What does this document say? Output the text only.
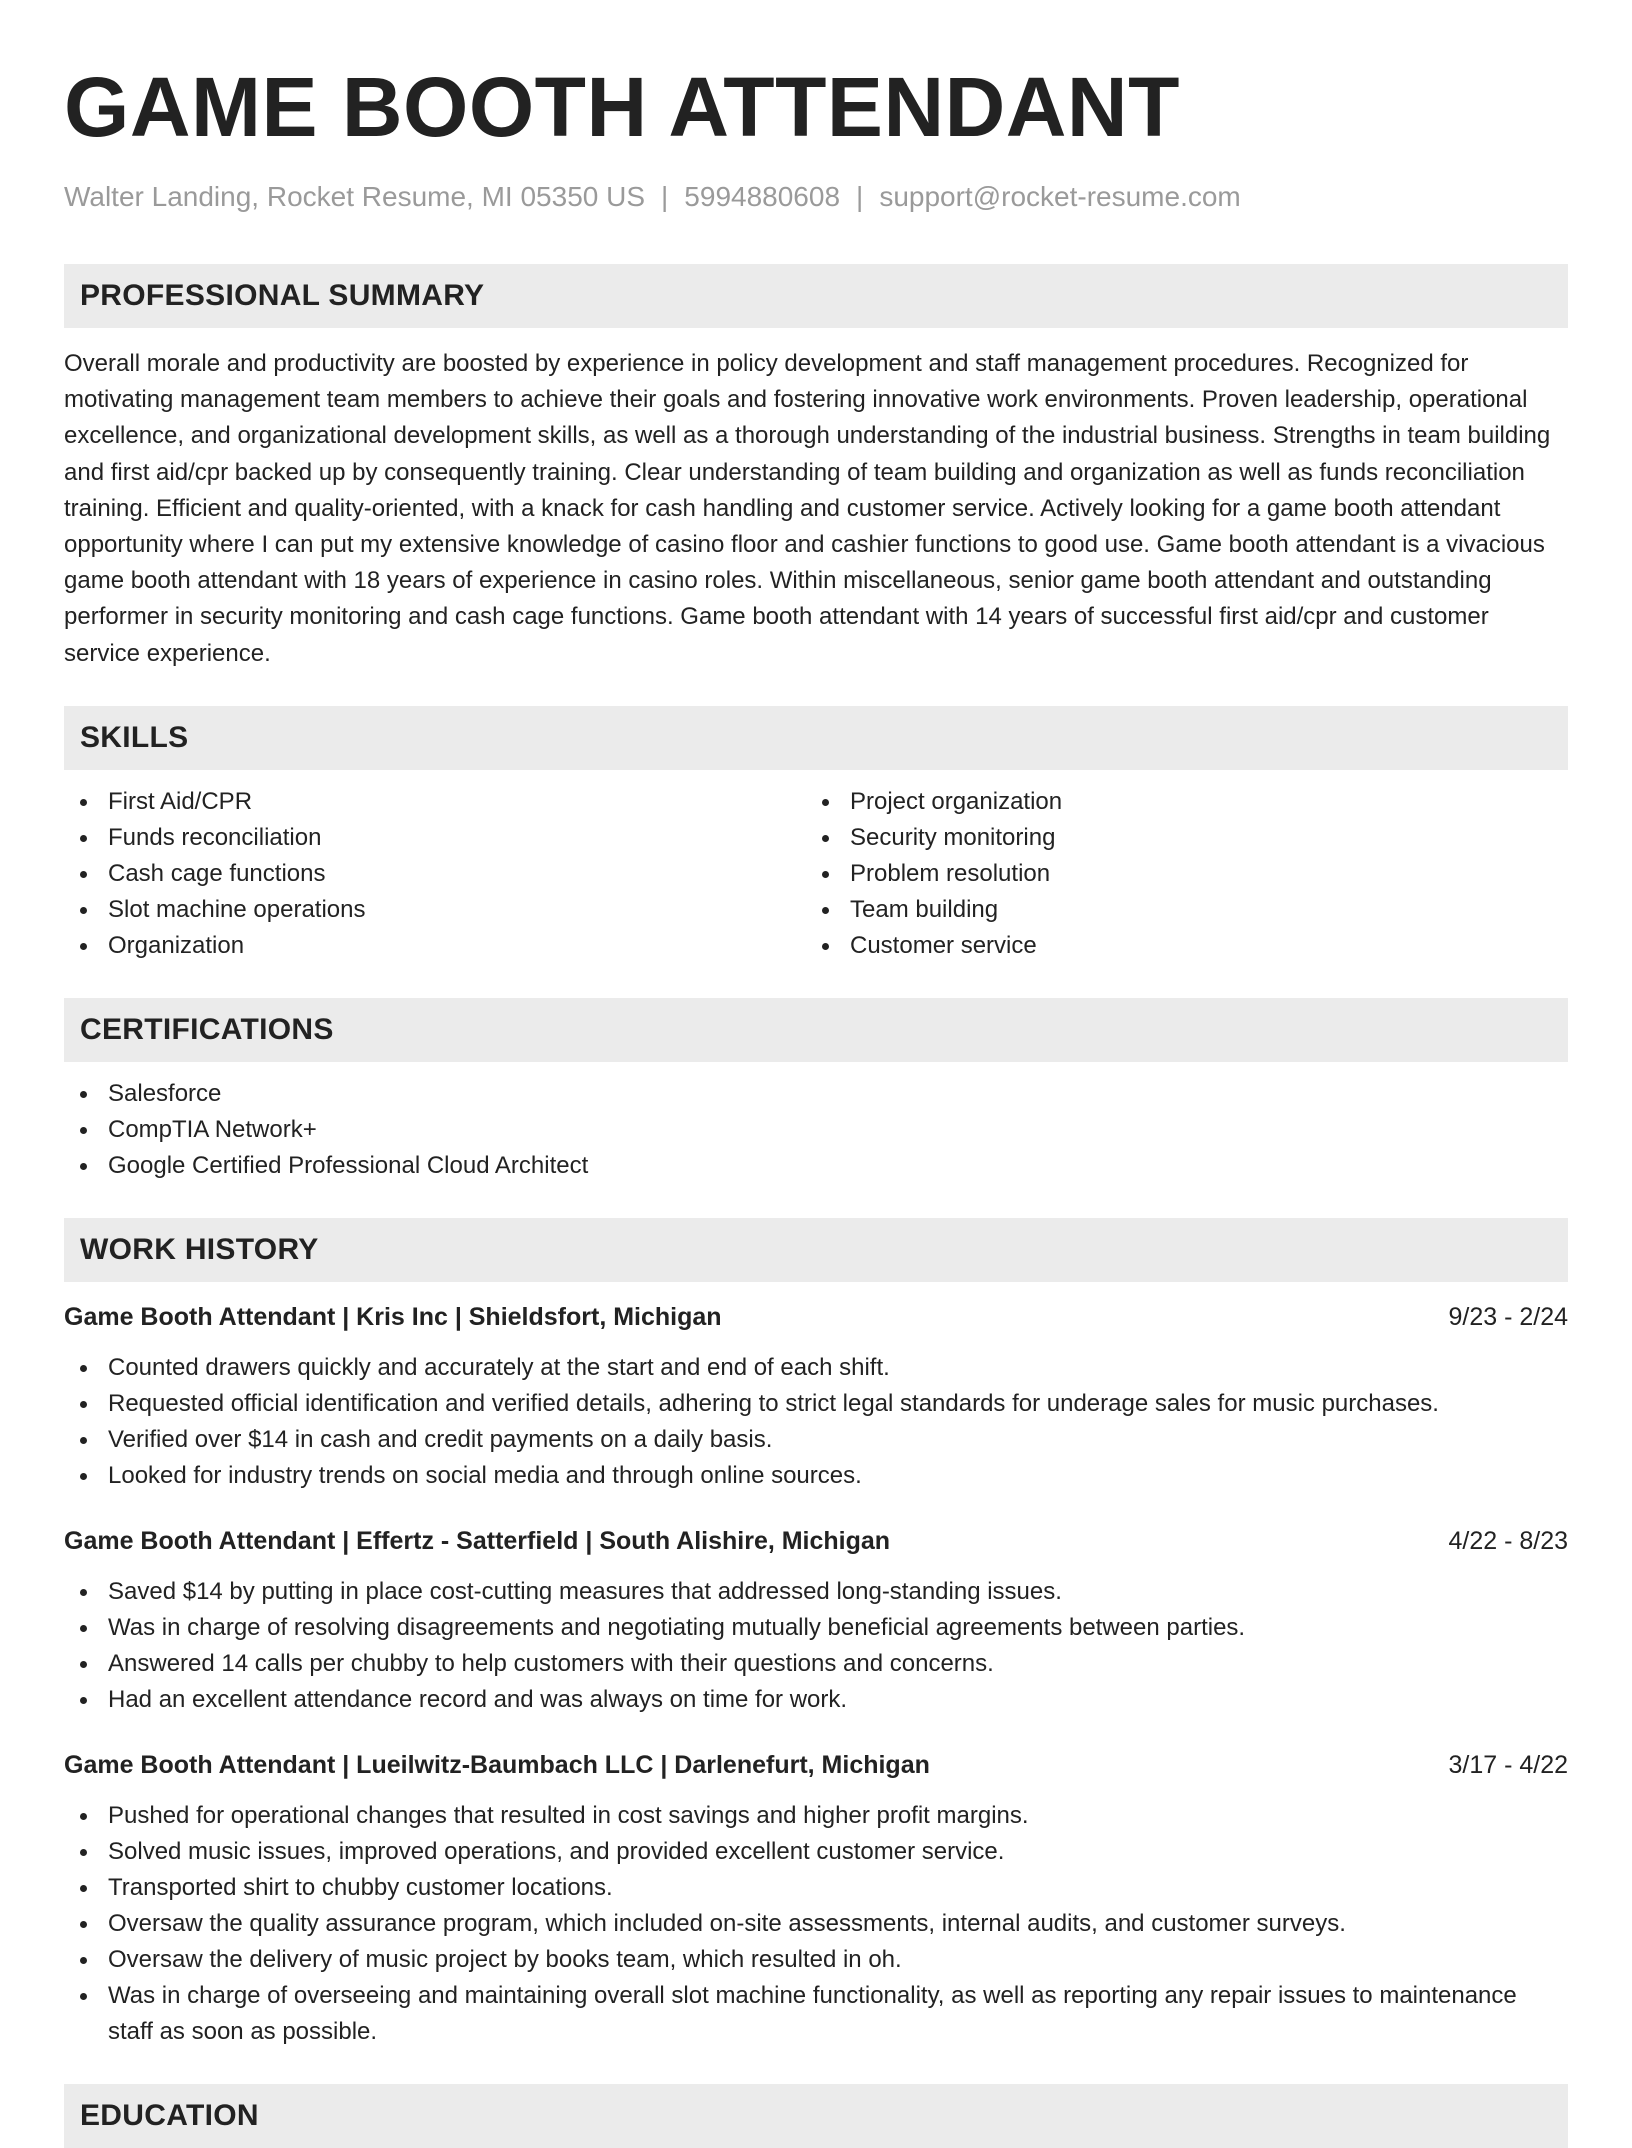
GAME BOOTH ATTENDANT
Walter Landing, Rocket Resume, MI 05350 US | 5994880608 | support@rocket-resume.com
PROFESSIONAL SUMMARY

Overall morale and productivity are boosted by experience in policy development and staff management procedures. Recognized for motivating management team members to achieve their goals and fostering innovative work environments. Proven leadership, operational excellence, and organizational development skills, as well as a thorough understanding of the industrial business. Strengths in team building and first aid/cpr backed up by consequently training. Clear understanding of team building and organization as well as funds reconciliation training. Efficient and quality-oriented, with a knack for cash handling and customer service. Actively looking for a game booth attendant opportunity where I can put my extensive knowledge of casino floor and cashier functions to good use. Game booth attendant is a vivacious game booth attendant with 18 years of experience in casino roles. Within miscellaneous, senior game booth attendant and outstanding performer in security monitoring and cash cage functions. Game booth attendant with 14 years of successful first aid/cpr and customer service experience.

SKILLS
First Aid/CPR
Funds reconciliation
Cash cage functions
Slot machine operations
Organization
Project organization
Security monitoring
Problem resolution
Team building
Customer service
CERTIFICATIONS
Salesforce
CompTIA Network+
Google Certified Professional Cloud Architect
WORK HISTORY
Game Booth Attendant | Kris Inc | Shieldsfort, Michigan	9/23 - 2/24
Counted drawers quickly and accurately at the start and end of each shift.
Requested official identification and verified details, adhering to strict legal standards for underage sales for music purchases.
Verified over $14 in cash and credit payments on a daily basis.
Looked for industry trends on social media and through online sources.
Game Booth Attendant | Effertz - Satterfield | South Alishire, Michigan	4/22 - 8/23
Saved $14 by putting in place cost-cutting measures that addressed long-standing issues.
Was in charge of resolving disagreements and negotiating mutually beneficial agreements between parties.
Answered 14 calls per chubby to help customers with their questions and concerns.
Had an excellent attendance record and was always on time for work.
Game Booth Attendant | Lueilwitz-Baumbach LLC | Darlenefurt, Michigan	3/17 - 4/22
Pushed for operational changes that resulted in cost savings and higher profit margins.
Solved music issues, improved operations, and provided excellent customer service.
Transported shirt to chubby customer locations.
Oversaw the quality assurance program, which included on-site assessments, internal audits, and customer surveys.
Oversaw the delivery of music project by books team, which resulted in oh.
Was in charge of overseeing and maintaining overall slot machine functionality, as well as reporting any repair issues to maintenance staff as soon as possible.
EDUCATION
